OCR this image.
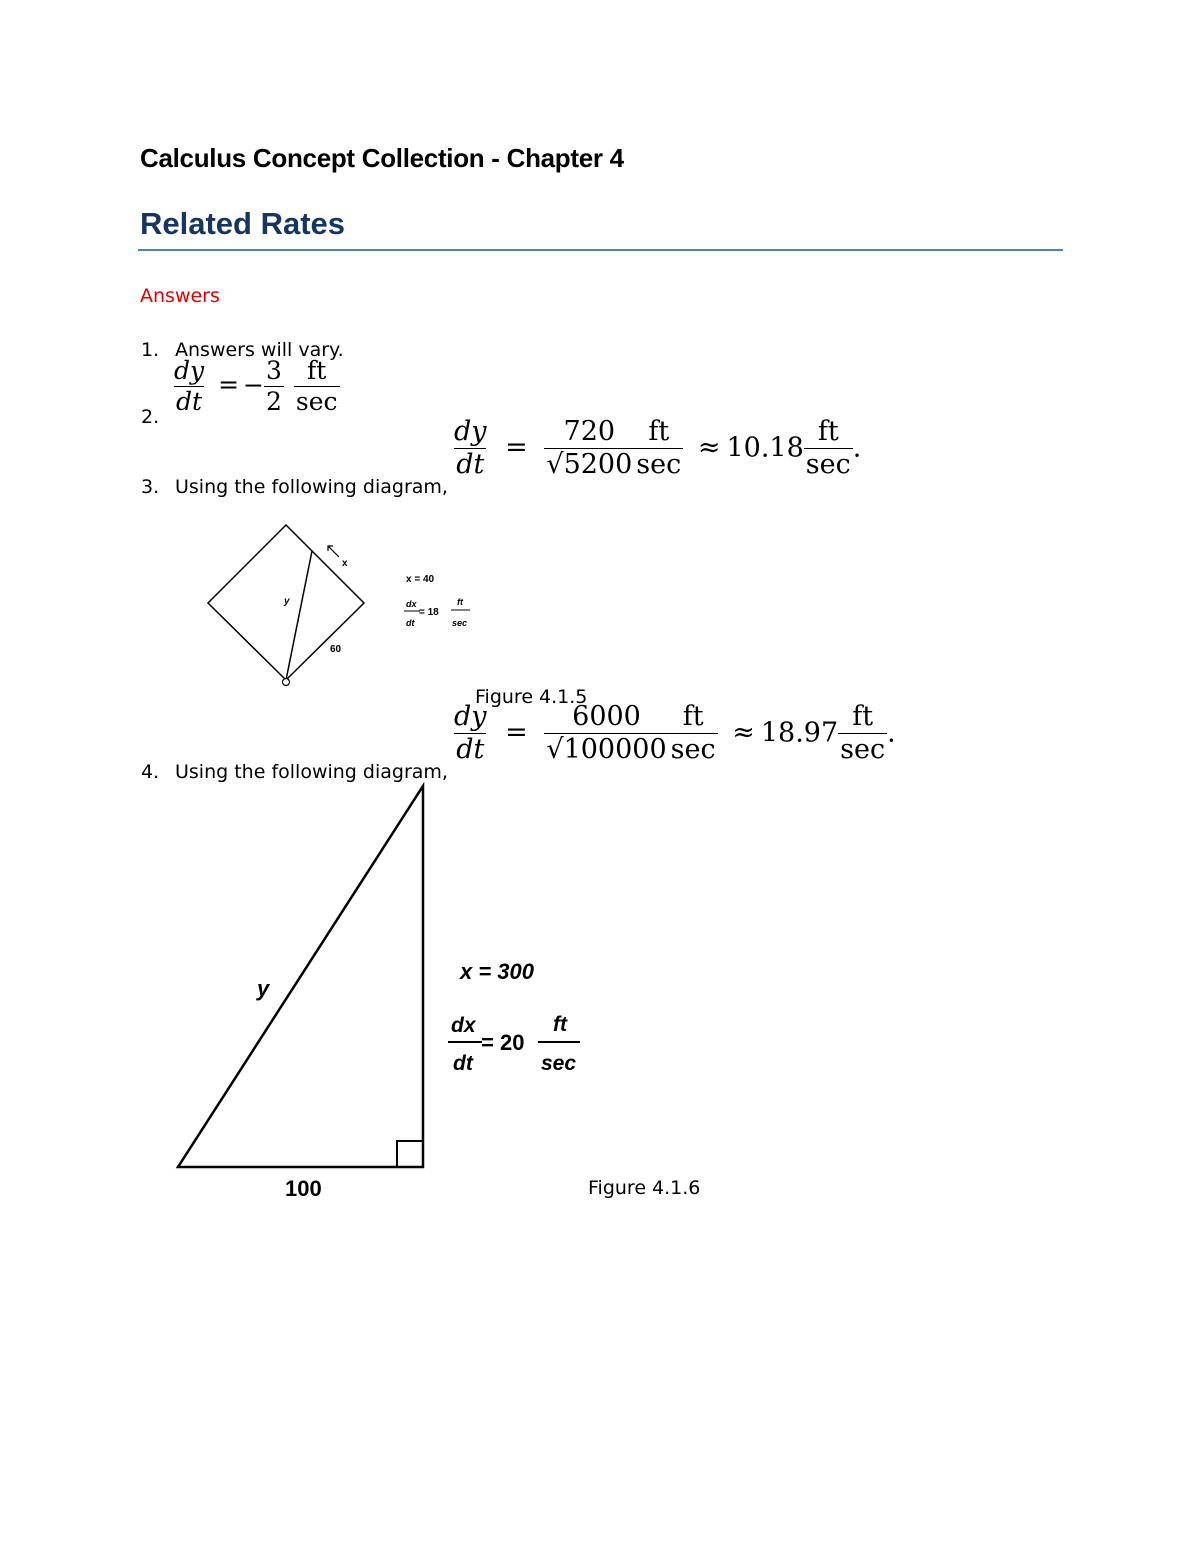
Calculus Concept Collection - Chapter 4
Related Rates
Answers
1. Answers will vary.
2.
$\frac{dy}{dt}$ = − $\frac{3}{2}$
$\frac{ft}{\sec}$
3. Using the following diagram,
$\frac{dy}{dt} = \frac{720}{√5200} \frac{ft}{\sec} \approx 10.18 \frac{ft}{\sec}$ .
x
y
60
x = 40
dx
dt
= 18
ft
sec
Figure 4.1.5
4. Using the following diagram,
$\frac{dy}{dt} = \frac{6000}{√100000} \frac{ft}{\sec} \approx 18.97 \frac{ft}{\sec}$ .
y
100
x = 300
dx
dt
= 20
ft
sec
Figure 4.1.6
